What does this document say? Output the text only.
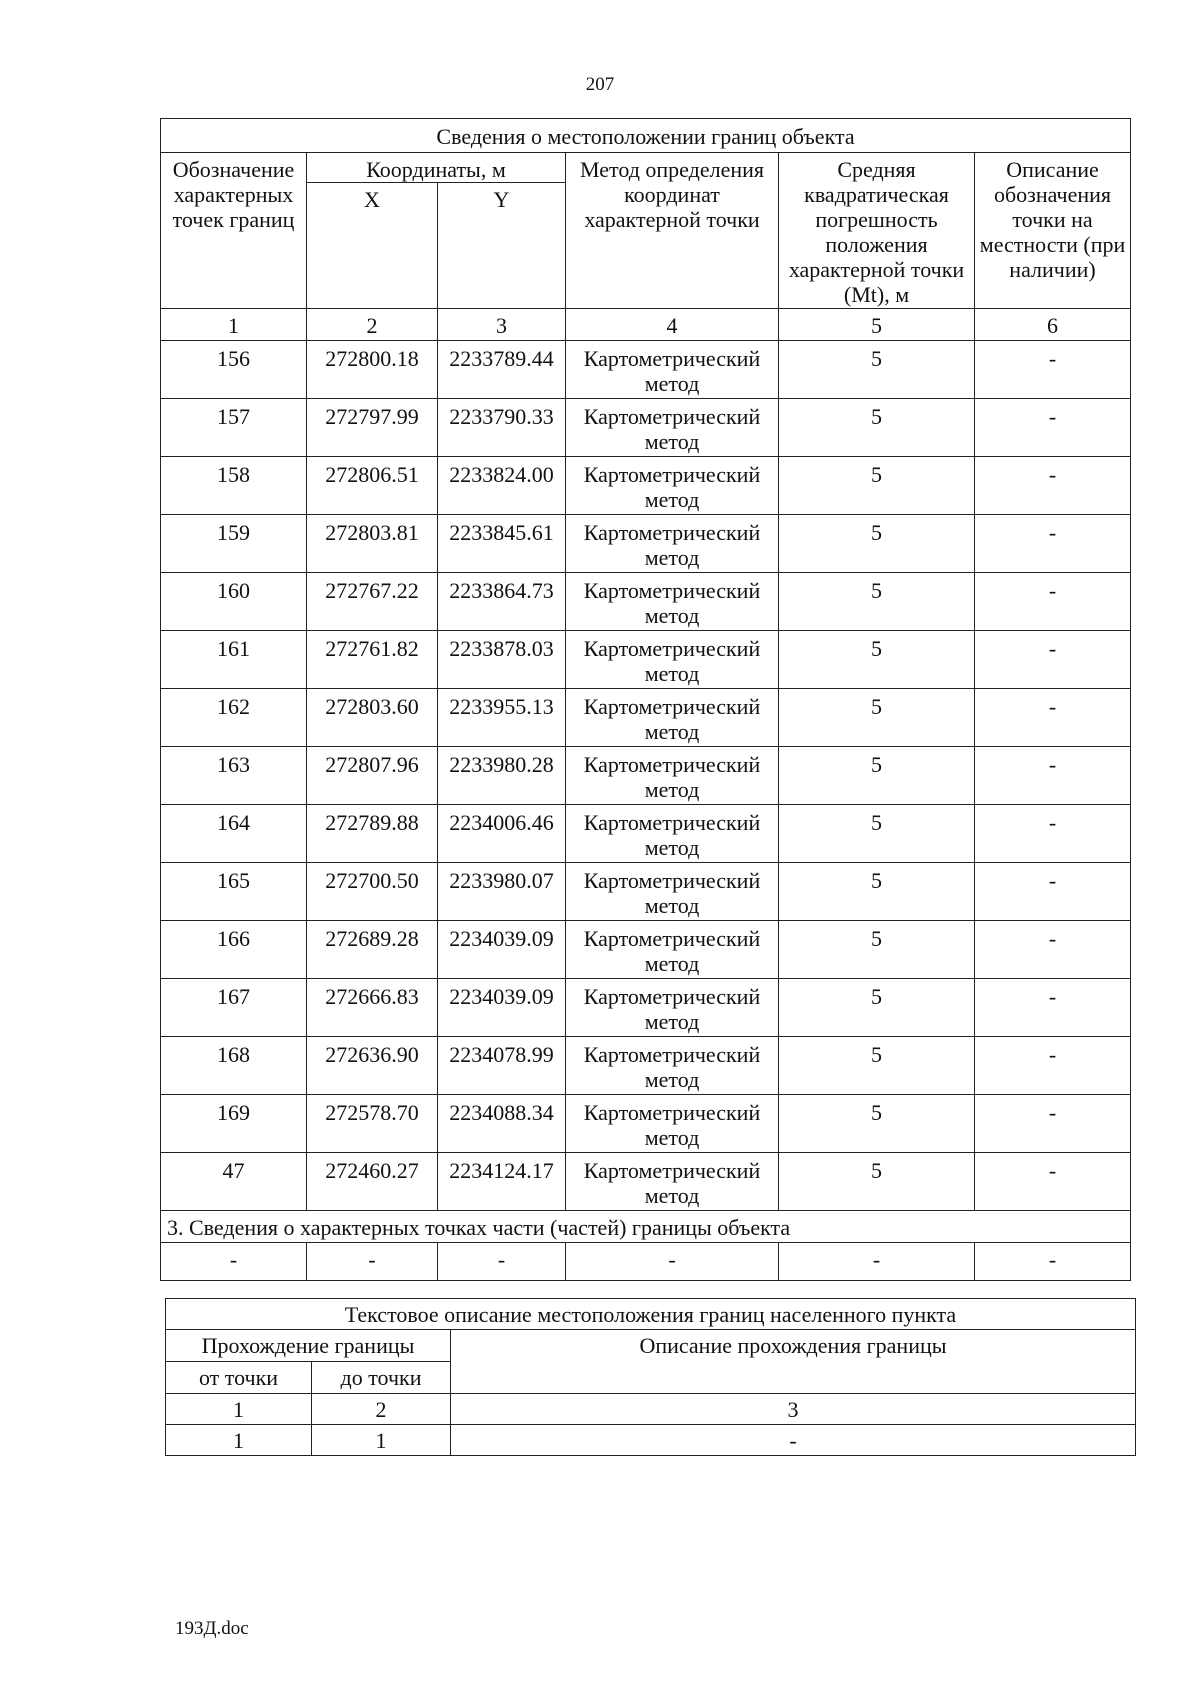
207
Сведения о местоположении границ объекта					
Обозначение характерных точек границ	Координаты, м		Метод определения координат характерной точки	Средняя квадратическая погрешность положения характерной точки (Mt), м	Описание обозначения точки на местности (при наличии)
	X	Y			
1	2	3	4	5	6
156	272800.18	2233789.44	Картометрический метод	5	-
157	272797.99	2233790.33	Картометрический метод	5	-
158	272806.51	2233824.00	Картометрический метод	5	-
159	272803.81	2233845.61	Картометрический метод	5	-
160	272767.22	2233864.73	Картометрический метод	5	-
161	272761.82	2233878.03	Картометрический метод	5	-
162	272803.60	2233955.13	Картометрический метод	5	-
163	272807.96	2233980.28	Картометрический метод	5	-
164	272789.88	2234006.46	Картометрический метод	5	-
165	272700.50	2233980.07	Картометрический метод	5	-
166	272689.28	2234039.09	Картометрический метод	5	-
167	272666.83	2234039.09	Картометрический метод	5	-
168	272636.90	2234078.99	Картометрический метод	5	-
169	272578.70	2234088.34	Картометрический метод	5	-
47	272460.27	2234124.17	Картометрический метод	5	-
3. Сведения о характерных точках части (частей) границы объекта					
-	-	-	-	-	-
Текстовое описание местоположения границ населенного пункта		
Прохождение границы		Описание прохождения границы
от точки	до точки	
1	2	3
1	1	-
193Д.doc
